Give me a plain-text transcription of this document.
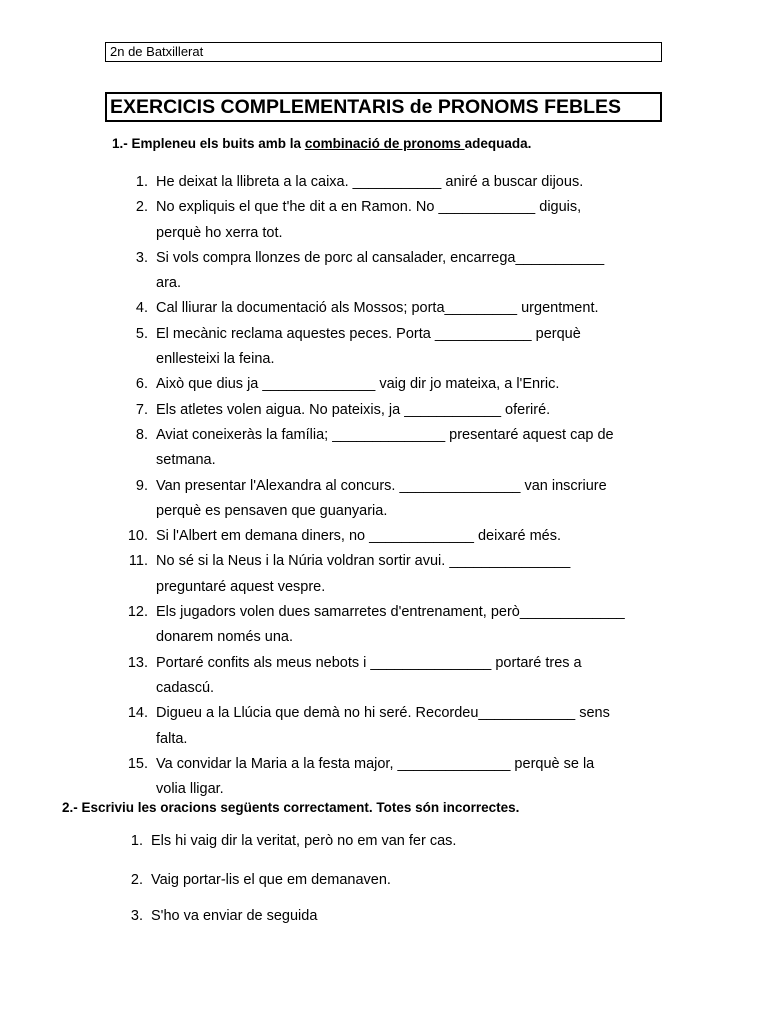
2n de Batxillerat
EXERCICIS COMPLEMENTARIS de PRONOMS FEBLES
1.- Empleneu els buits amb la combinació de pronoms adequada.
1. He deixat la llibreta a la caixa. ___________ aniré a buscar dijous.
2. No expliquis el que t'he dit a en Ramon. No ____________ diguis,
perquè ho xerra tot.
3. Si vols compra llonzes de porc al cansalader, encarrega___________
ara.
4. Cal lliurar la documentació als Mossos; porta_________ urgentment.
5. El mecànic reclama aquestes peces. Porta ____________ perquè
enllesteixi la feina.
6. Això que dius ja ______________ vaig dir jo mateixa, a l'Enric.
7. Els atletes volen aigua. No pateixis, ja ____________ oferiré.
8. Aviat coneixeràs la família; ______________ presentaré aquest cap de
setmana.
9. Van presentar l'Alexandra al concurs. _______________ van inscriure
perquè es pensaven que guanyaria.
10. Si l'Albert em demana diners, no _____________ deixaré més.
11. No sé si la Neus i la Núria voldran sortir avui. _______________
preguntaré aquest vespre.
12. Els jugadors volen dues samarretes d'entrenament, però_____________
donarem només una.
13. Portaré confits als meus nebots i _______________ portaré tres a
cadascú.
14. Digueu a la Llúcia que demà no hi seré. Recordeu____________ sens
falta.
15. Va convidar la Maria a la festa major, ______________ perquè se la
volia lligar.
2.- Escriviu les oracions següents correctament. Totes són incorrectes.
1. Els hi vaig dir la veritat, però no em van fer cas.
2. Vaig portar-lis el que em demanaven.
3. S'ho va enviar de seguida
